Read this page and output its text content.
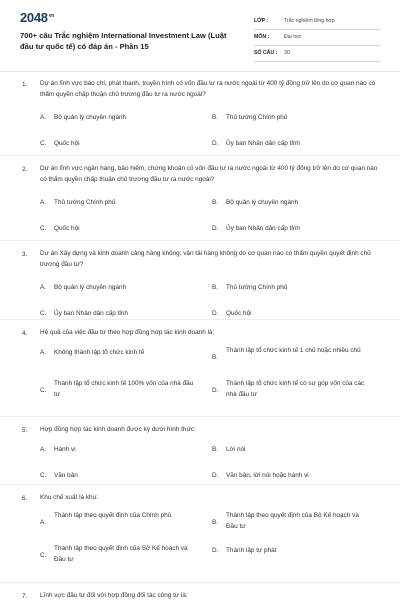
$2048^{vn}$
700+ câu Trắc nghiệm International Investment Law (Luật đầu tư quốc tế) có đáp án - Phần 15
LỚP :	Trắc nghiệm tổng hợp
MÔN :	Đại học
SỐ CÂU : 30
1. Dự án lĩnh vực báo chí, phát thanh, truyền hình có vốn đầu tư ra nước ngoài từ 400 tỷ đồng trở lên do cơ quan nào có thẩm quyền chấp thuận chủ trương đầu tư ra nước ngoài?
A. Bộ quản lý chuyên ngành	B. Thủ tướng Chính phủ
C. Quốc hội	D. Ủy ban Nhân dân cấp tỉnh
2. Dự án lĩnh vực ngân hàng, bảo hiểm, chứng khoán có vốn đầu tư ra nước ngoài từ 400 tỷ đồng trở lên do cơ quan nào có thẩm quyền chấp thuận chủ trương đầu tư ra nước ngoài?
A. Thủ tướng Chính phủ	B. Bộ quản lý chuyên ngành
C. Quốc hội	D. Ủy ban Nhân dân cấp tỉnh
3. Dự án Xây dựng và kinh doanh cảng hàng không; vận tải hàng không do cơ quan nào có thẩm quyền quyết định chủ trương đầu tư?
A. Bộ quản lý chuyên ngành	B. Thủ tướng Chính phủ
C. Ủy ban Nhân dân cấp tỉnh	D. Quốc hội
4. Hệ quả của việc đầu tư theo hợp đồng hợp tác kinh doanh là:
A. Không thành lập tổ chức kinh tế
B.
Thành lập tổ chức kinh tế 1 chủ hoặc nhiều chủ
C.
Thành lập tổ chức kinh tế 100% vốn của nhà đầu tư
D.
Thành lập tổ chức kinh tế có sự góp vốn của các nhà đầu tư
5. Hợp đồng hợp tác kinh doanh được ký dưới hình thức:
A. Hành vi	B. Lời nói
C. Văn bản	D. Văn bản, lời nói hoặc hành vi
6. Khu chế xuất là khu:
A.
Thành lập theo quyết định của Chính phủ
B.
Thành lập theo quyết định của Bộ Kế hoạch và Đầu tư
C.
Thành lập theo quyết định của Sở Kế hoạch và Đầu tư
D. Thành lập tự phát
7. Lĩnh vực đầu tư đối với hợp đồng đối tác công tư là:
